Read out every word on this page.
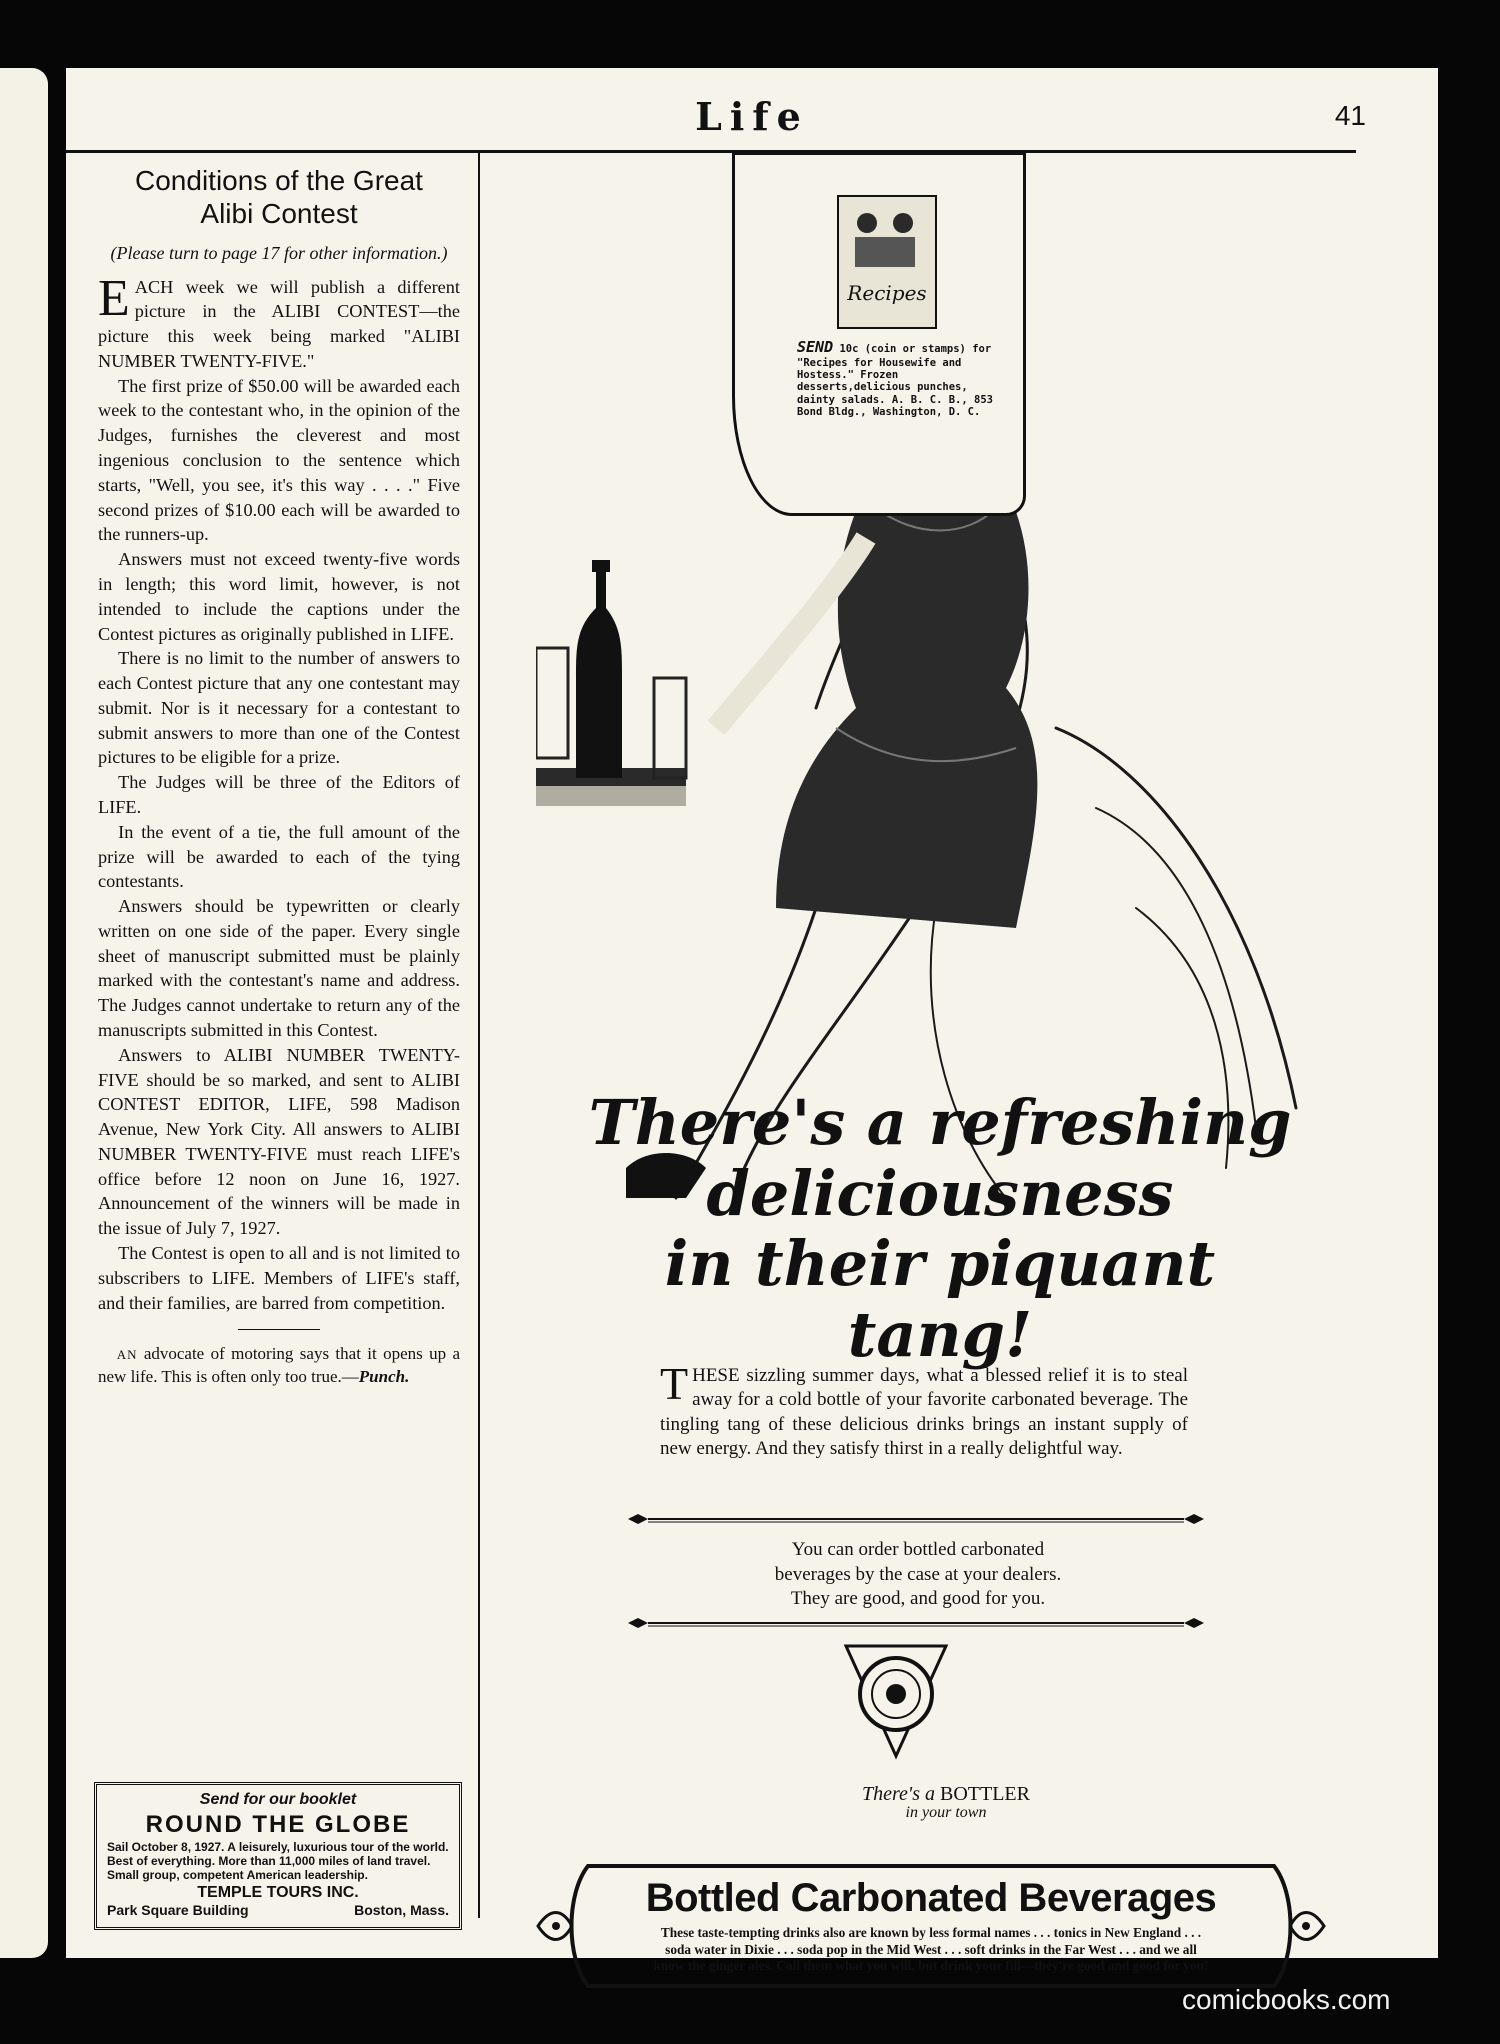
Life	41
Conditions of the Great
Alibi Contest

(Please turn to page 17 for other information.)

EACH week we will publish a different picture in the ALIBI CONTEST—the picture this week being marked "ALIBI NUMBER TWENTY-FIVE."

The first prize of $50.00 will be awarded each week to the contestant who, in the opinion of the Judges, furnishes the cleverest and most ingenious conclusion to the sentence which starts, "Well, you see, it's this way . . . ." Five second prizes of $10.00 each will be awarded to the runners-up.

Answers must not exceed twenty-five words in length; this word limit, however, is not intended to include the captions under the Contest pictures as originally published in LIFE.

There is no limit to the number of answers to each Contest picture that any one contestant may submit. Nor is it necessary for a contestant to submit answers to more than one of the Contest pictures to be eligible for a prize.

The Judges will be three of the Editors of LIFE.

In the event of a tie, the full amount of the prize will be awarded to each of the tying contestants.

Answers should be typewritten or clearly written on one side of the paper. Every single sheet of manuscript submitted must be plainly marked with the contestant's name and address. The Judges cannot undertake to return any of the manuscripts submitted in this Contest.

Answers to ALIBI NUMBER TWENTY-FIVE should be so marked, and sent to ALIBI CONTEST EDITOR, LIFE, 598 Madison Avenue, New York City. All answers to ALIBI NUMBER TWENTY-FIVE must reach LIFE's office before 12 noon on June 16, 1927. Announcement of the winners will be made in the issue of July 7, 1927.

The Contest is open to all and is not limited to subscribers to LIFE. Members of LIFE's staff, and their families, are barred from competition.

AN advocate of motoring says that it opens up a new life. This is often only too true.—Punch.

Send for our booklet
ROUND THE GLOBE
Sail October 8, 1927. A leisurely, luxurious tour of the world. Best of everything. More than 11,000 miles of land travel. Small group, competent American leadership.
TEMPLE TOURS INC.
Park Square Building	Boston, Mass.
Recipes
SEND 10c (coin or stamps) for "Recipes for Housewife and Hostess." Frozen desserts,delicious punches, dainty salads. A. B. C. B., 853 Bond Bldg., Washington, D. C.
There's a refreshing
deliciousness
in their piquant tang!

THESE sizzling summer days, what a blessed relief it is to steal away for a cold bottle of your favorite carbonated beverage. The tingling tang of these delicious drinks brings an instant supply of new energy. And they satisfy thirst in a really delightful way.

You can order bottled carbonated
beverages by the case at your dealers.
They are good, and good for you.
There's a BOTTLER
in your town
Bottled Carbonated Beverages
These taste-tempting drinks also are known by less formal names . . . tonics in New England . . .
soda water in Dixie . . . soda pop in the Mid West . . . soft drinks in the Far West . . . and we all
know the ginger ales. Call them what you will, but drink your fill—they're good and good for you!
comicbooks.com
